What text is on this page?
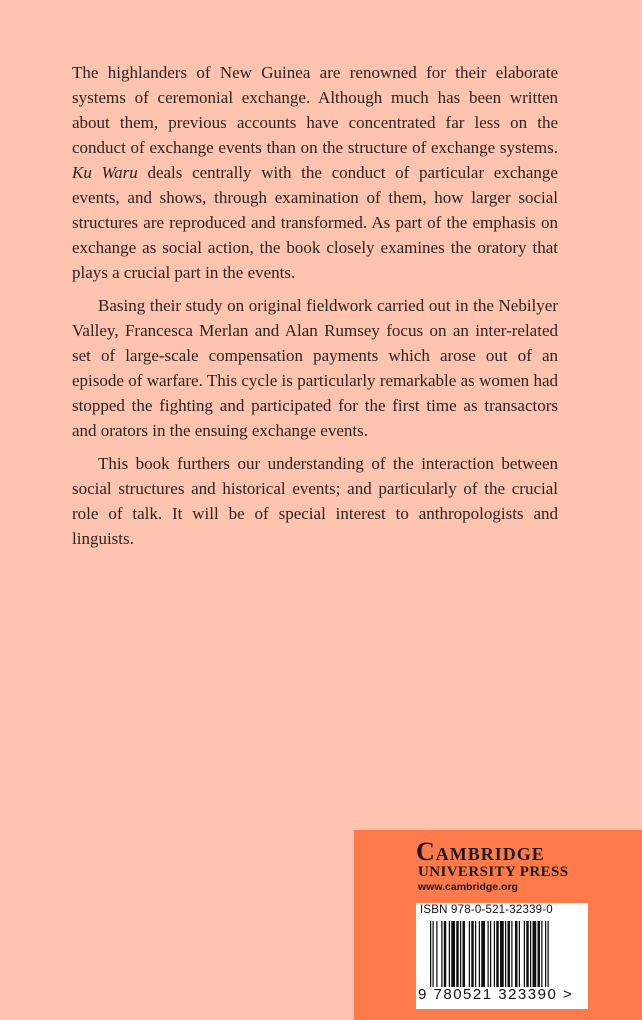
The highlanders of New Guinea are renowned for their elaborate systems of ceremonial exchange. Although much has been written about them, previous accounts have concentrated far less on the conduct of exchange events than on the structure of exchange systems. Ku Waru deals centrally with the conduct of particular exchange events, and shows, through examination of them, how larger social structures are reproduced and transformed. As part of the emphasis on exchange as social action, the book closely examines the oratory that plays a crucial part in the events.

Basing their study on original fieldwork carried out in the Nebilyer Valley, Francesca Merlan and Alan Rumsey focus on an inter-related set of large-scale compensation payments which arose out of an episode of warfare. This cycle is particularly remarkable as women had stopped the fighting and participated for the first time as transactors and orators in the ensuing exchange events.

This book furthers our understanding of the interaction between social structures and historical events; and particularly of the crucial role of talk. It will be of special interest to anthropologists and linguists.

Cambridge
UNIVERSITY PRESS
www.cambridge.org
ISBN 978-0-521-32339-0
9 780521 323390 >
